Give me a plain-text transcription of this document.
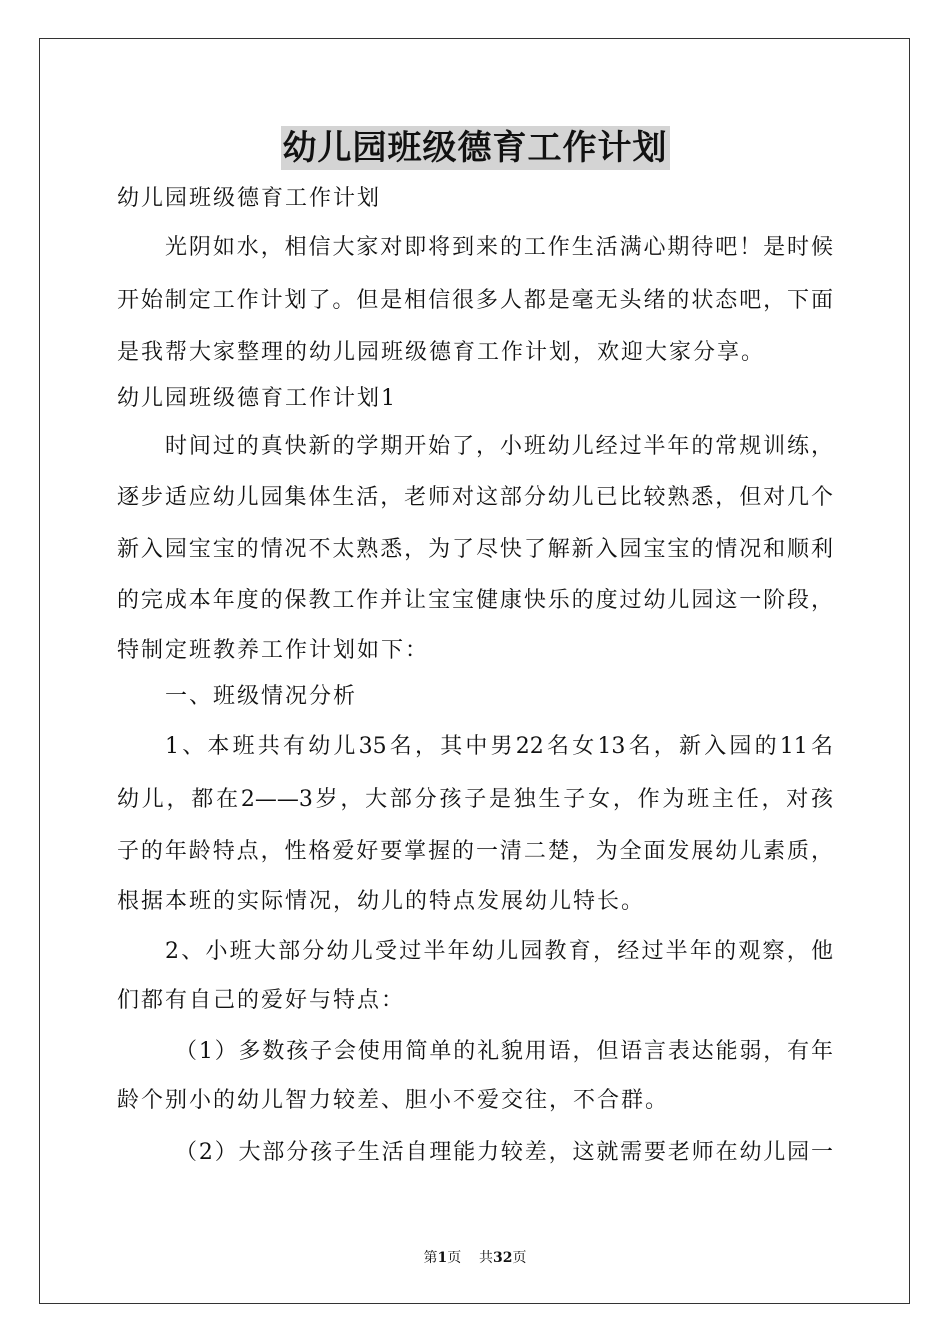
幼儿园班级德育工作计划
幼儿园班级德育工作计划
光阴如水，相信大家对即将到来的工作生活满心期待吧！是时候
开始制定工作计划了。但是相信很多人都是毫无头绪的状态吧，下面
是我帮大家整理的幼儿园班级德育工作计划，欢迎大家分享。
幼儿园班级德育工作计划1
时间过的真快新的学期开始了，小班幼儿经过半年的常规训练，
逐步适应幼儿园集体生活，老师对这部分幼儿已比较熟悉，但对几个
新入园宝宝的情况不太熟悉，为了尽快了解新入园宝宝的情况和顺利
的完成本年度的保教工作并让宝宝健康快乐的度过幼儿园这一阶段，
特制定班教养工作计划如下：
一、班级情况分析
1、本班共有幼儿35名，其中男22名女13名，新入园的11名
幼儿，都在2——3岁，大部分孩子是独生子女，作为班主任，对孩
子的年龄特点，性格爱好要掌握的一清二楚，为全面发展幼儿素质，
根据本班的实际情况，幼儿的特点发展幼儿特长。
2、小班大部分幼儿受过半年幼儿园教育，经过半年的观察，他
们都有自己的爱好与特点：
（1）多数孩子会使用简单的礼貌用语，但语言表达能弱，有年
龄个别小的幼儿智力较差、胆小不爱交往，不合群。
（2）大部分孩子生活自理能力较差，这就需要老师在幼儿园一
第1页 共32页
